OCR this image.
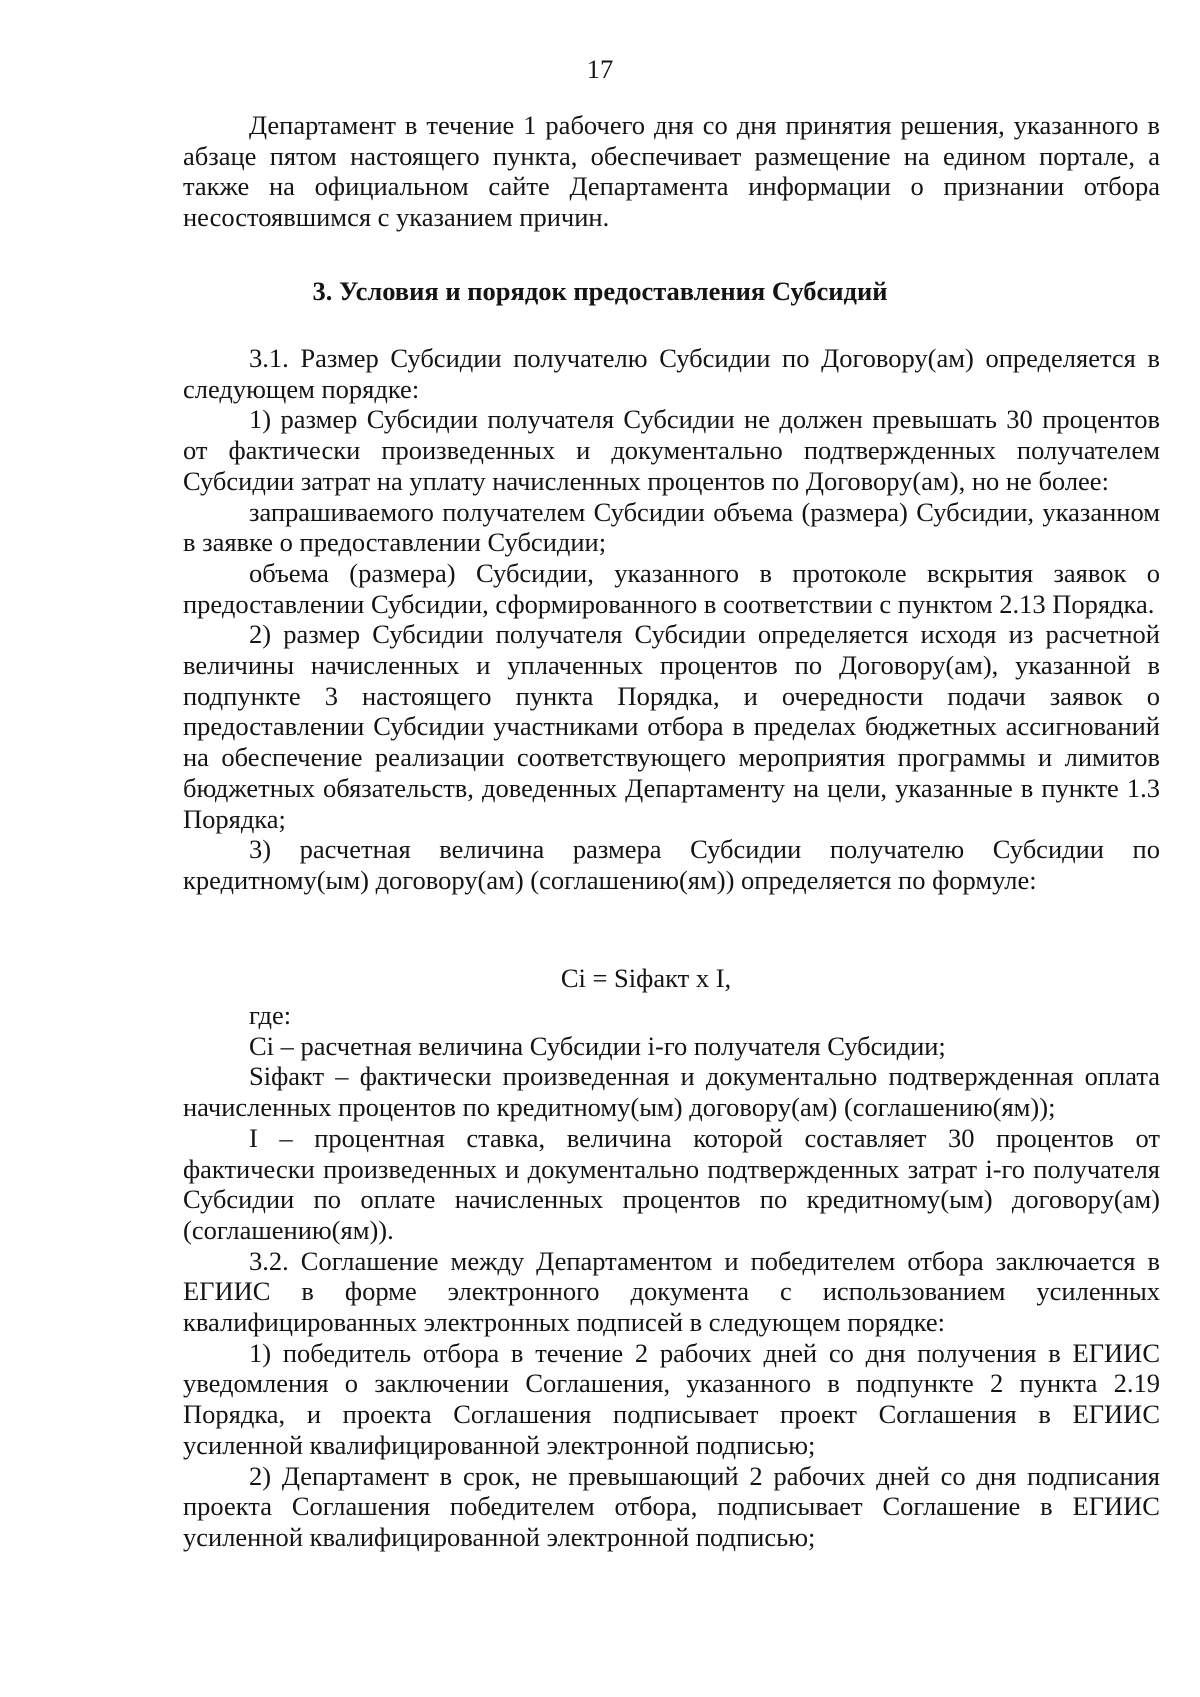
17
Департамент в течение 1 рабочего дня со дня принятия решения, указанного в абзаце пятом настоящего пункта, обеспечивает размещение на едином портале, а также на официальном сайте Департамента информации о признании отбора несостоявшимся с указанием причин.
3. Условия и порядок предоставления Субсидий
3.1. Размер Субсидии получателю Субсидии по Договору(ам) определяется в следующем порядке:
1) размер Субсидии получателя Субсидии не должен превышать 30 процентов от фактически произведенных и документально подтвержденных получателем Субсидии затрат на уплату начисленных процентов по Договору(ам), но не более:
запрашиваемого получателем Субсидии объема (размера) Субсидии, указанном в заявке о предоставлении Субсидии;
объема (размера) Субсидии, указанного в протоколе вскрытия заявок о предоставлении Субсидии, сформированного в соответствии с пунктом 2.13 Порядка.
2) размер Субсидии получателя Субсидии определяется исходя из расчетной величины начисленных и уплаченных процентов по Договору(ам), указанной в подпункте 3 настоящего пункта Порядка, и очередности подачи заявок о предоставлении Субсидии участниками отбора в пределах бюджетных ассигнований на обеспечение реализации соответствующего мероприятия программы и лимитов бюджетных обязательств, доведенных Департаменту на цели, указанные в пункте 1.3 Порядка;
3) расчетная величина размера Субсидии получателю Субсидии по кредитному(ым) договору(ам) (соглашению(ям)) определяется по формуле:
Ci = Siфакт x I,
где:
Ci – расчетная величина Субсидии i-го получателя Субсидии;
Siфакт – фактически произведенная и документально подтвержденная оплата начисленных процентов по кредитному(ым) договору(ам) (соглашению(ям));
I – процентная ставка, величина которой составляет 30 процентов от фактически произведенных и документально подтвержденных затрат i-го получателя Субсидии по оплате начисленных процентов по кредитному(ым) договору(ам) (соглашению(ям)).
3.2. Соглашение между Департаментом и победителем отбора заключается в ЕГИИС в форме электронного документа с использованием усиленных квалифицированных электронных подписей в следующем порядке:
1) победитель отбора в течение 2 рабочих дней со дня получения в ЕГИИС уведомления о заключении Соглашения, указанного в подпункте 2 пункта 2.19 Порядка, и проекта Соглашения подписывает проект Соглашения в ЕГИИС усиленной квалифицированной электронной подписью;
2) Департамент в срок, не превышающий 2 рабочих дней со дня подписания проекта Соглашения победителем отбора, подписывает Соглашение в ЕГИИС усиленной квалифицированной электронной подписью;
